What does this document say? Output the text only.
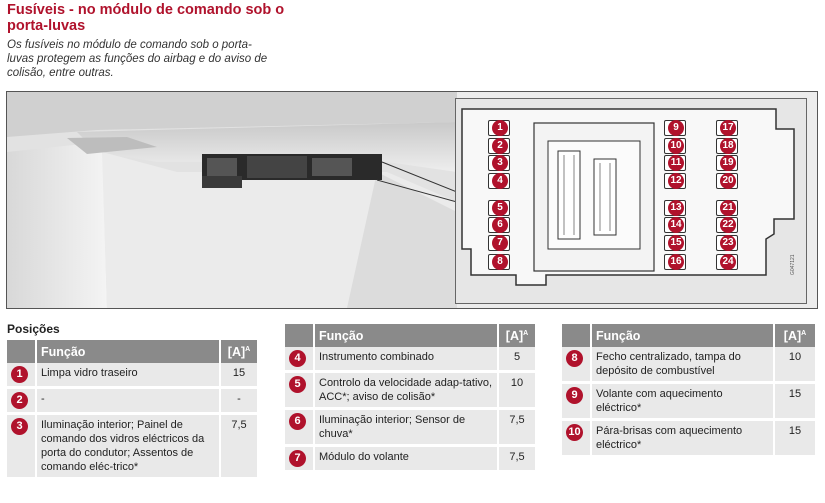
Fusíveis - no módulo de comando sob o porta-luvas
Os fusíveis no módulo de comando sob o porta-luvas protegem as funções do airbag e do aviso de colisão, entre outras.
1
2
3
4
5
6
7
8
9
10
11
12
13
14
15
16
17
18
19
20
21
22
23
24	G047121
Posições
	Função	$[A]^A$
1	Limpa vidro traseiro	15
2	-	-
3	Iluminação interior; Painel de comando dos vidros eléctricos da porta do condutor; Assentos de comando eléc-trico*	7,5
	Função	$[A]^A$
4	Instrumento combinado	5
5	Controlo da velocidade adap-tativo, ACC*; aviso de colisão*	10
6	Iluminação interior; Sensor de chuva*	7,5
7	Módulo do volante	7,5
	Função	$[A]^A$
8	Fecho centralizado, tampa do depósito de combustível	10
9	Volante com aquecimento eléctrico*	15
10	Pára-brisas com aquecimento eléctrico*	15
